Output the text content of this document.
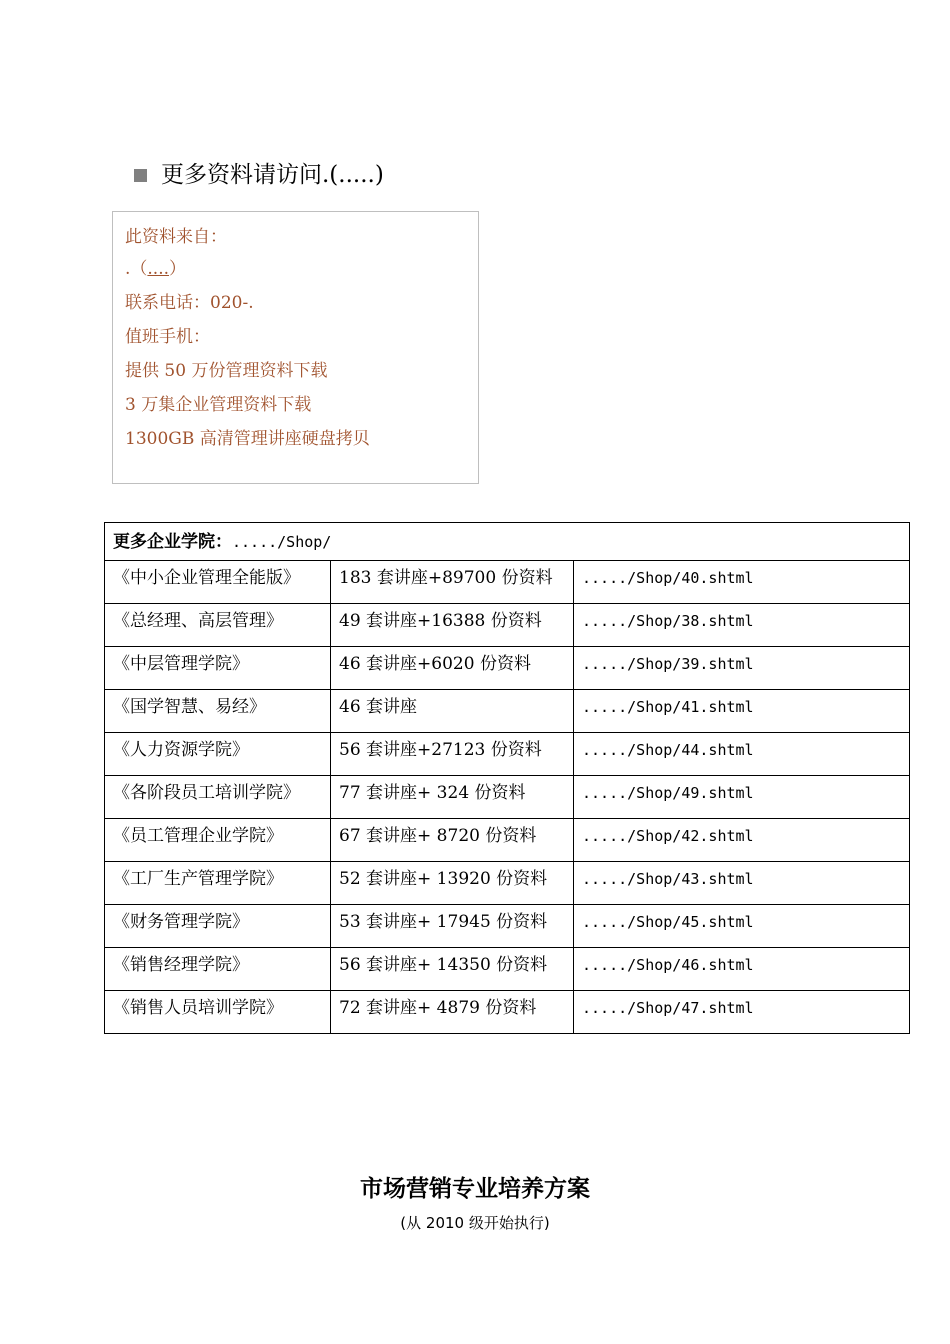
更多资料请访问.(.....)
此资料来自：
.（....）
联系电话：020-.
值班手机：
提供 50 万份管理资料下载
3 万集企业管理资料下载
1300GB 高清管理讲座硬盘拷贝
更多企业学院：...../Shop/		

《中小企业管理全能版》	183 套讲座+89700 份资料	...../Shop/40.shtml

《总经理、高层管理》	49 套讲座+16388 份资料	...../Shop/38.shtml

《中层管理学院》	46 套讲座+6020 份资料	...../Shop/39.shtml

《国学智慧、易经》	46 套讲座	...../Shop/41.shtml

《人力资源学院》	56 套讲座+27123 份资料	...../Shop/44.shtml

《各阶段员工培训学院》	77 套讲座+ 324 份资料	...../Shop/49.shtml

《员工管理企业学院》	67 套讲座+ 8720 份资料	...../Shop/42.shtml

《工厂生产管理学院》	52 套讲座+ 13920 份资料	...../Shop/43.shtml

《财务管理学院》	53 套讲座+ 17945 份资料	...../Shop/45.shtml

《销售经理学院》	56 套讲座+ 14350 份资料	...../Shop/46.shtml

《销售人员培训学院》	72 套讲座+ 4879 份资料	...../Shop/47.shtml
市场营销专业培养方案
(从 2010 级开始执行)
